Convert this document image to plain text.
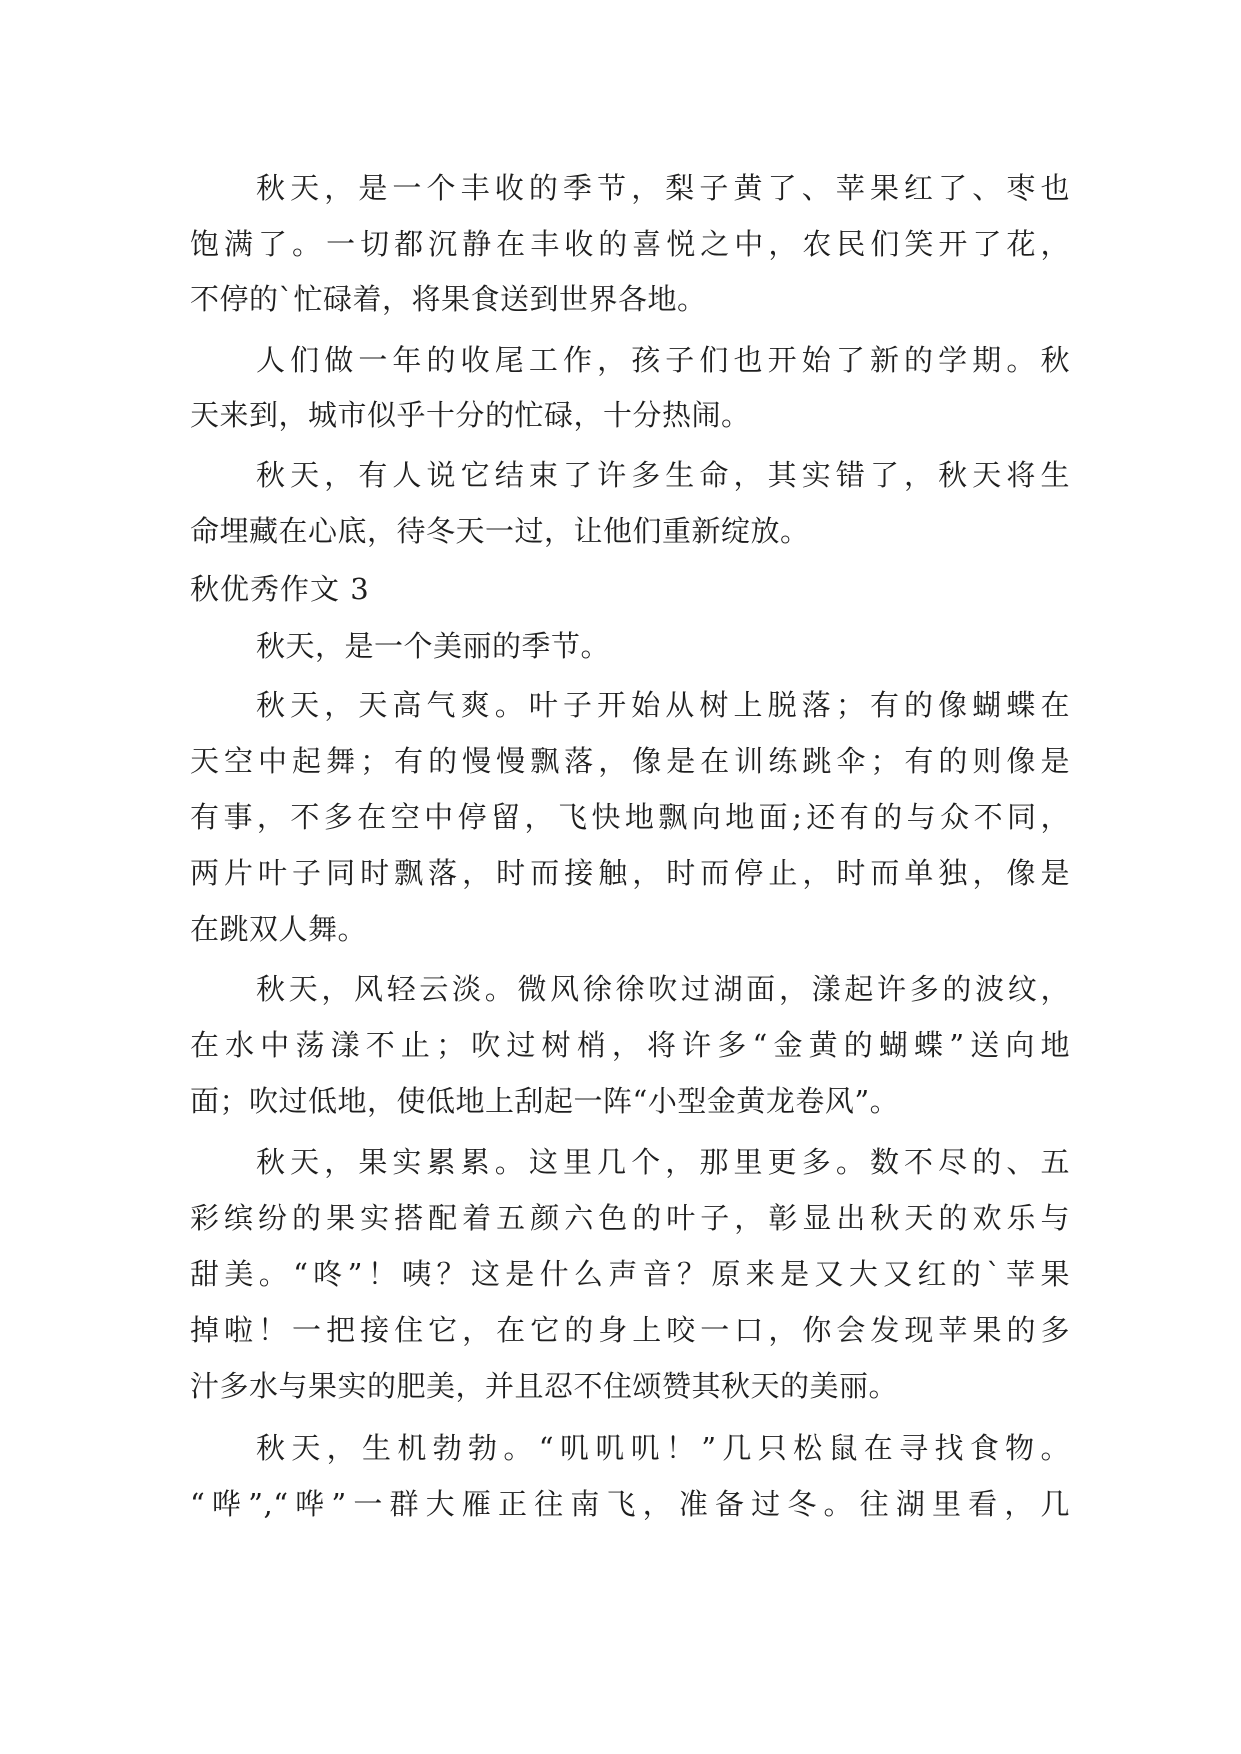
秋天，是一个丰收的季节，梨子黄了、苹果红了、枣也
饱满了。一切都沉静在丰收的喜悦之中，农民们笑开了花，
不停的`忙碌着，将果食送到世界各地。
人们做一年的收尾工作，孩子们也开始了新的学期。秋
天来到，城市似乎十分的忙碌，十分热闹。
秋天，有人说它结束了许多生命，其实错了，秋天将生
命埋藏在心底，待冬天一过，让他们重新绽放。
秋优秀作文 3
秋天，是一个美丽的季节。
秋天，天高气爽。叶子开始从树上脱落；有的像蝴蝶在
天空中起舞；有的慢慢飘落，像是在训练跳伞；有的则像是
有事，不多在空中停留，飞快地飘向地面;还有的与众不同，
两片叶子同时飘落，时而接触，时而停止，时而单独，像是
在跳双人舞。
秋天，风轻云淡。微风徐徐吹过湖面，漾起许多的波纹，
在水中荡漾不止；吹过树梢，将许多“金黄的蝴蝶”送向地
面；吹过低地，使低地上刮起一阵“小型金黄龙卷风”。
秋天，果实累累。这里几个，那里更多。数不尽的、五
彩缤纷的果实搭配着五颜六色的叶子，彰显出秋天的欢乐与
甜美。“咚”！咦？这是什么声音？原来是又大又红的`苹果
掉啦！一把接住它，在它的身上咬一口，你会发现苹果的多
汁多水与果实的肥美，并且忍不住颂赞其秋天的美丽。
秋天，生机勃勃。“叽叽叽！”几只松鼠在寻找食物。
“哗”,“哗”一群大雁正往南飞，准备过冬。往湖里看，几
